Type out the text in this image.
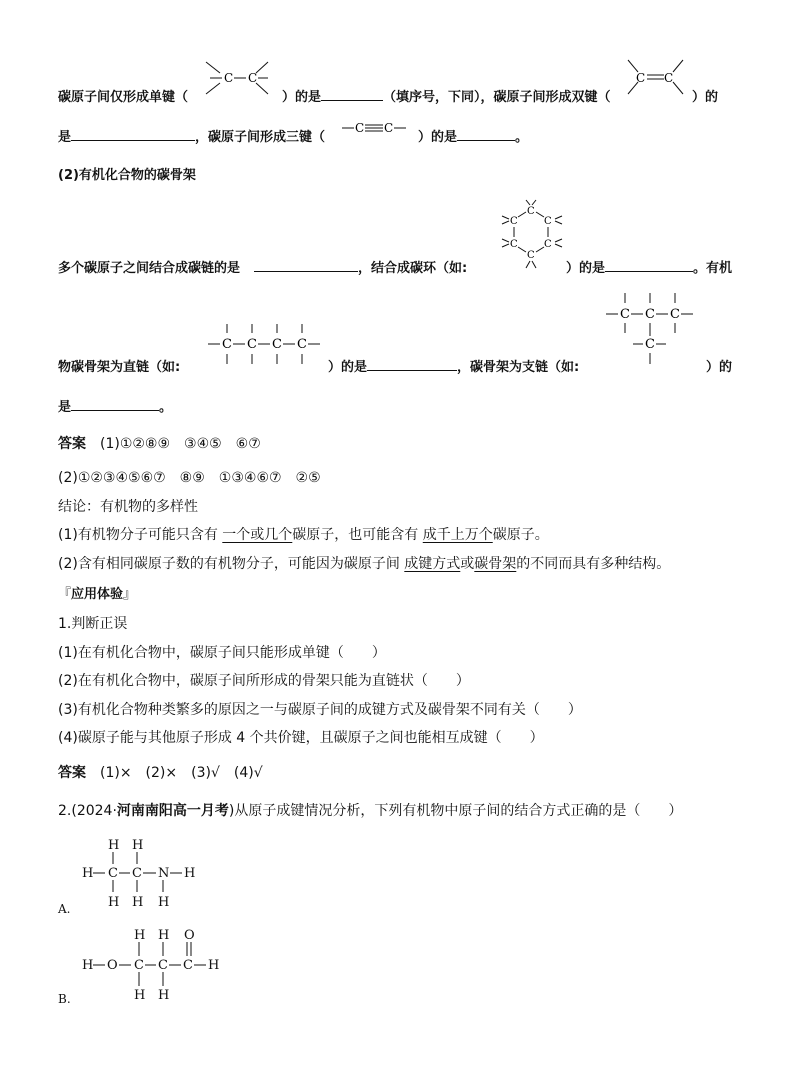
碳原子间仅形成单键（
C C
）的是	（填序号，下同），碳原子间形成双键（
C C
）的
是	，碳原子间形成三键（
C C
）的是	。
(2)有机化合物的碳骨架
多个碳原子之间结合成碳链的是	，结合成碳环（如:
C
C	C
C	C
C
）的是	。有机
物碳骨架为直链（如:
C C C C
）的是	，碳骨架为支链（如:
C C C
C
）的
是	。
答案 (1)①②⑧⑨　③④⑤　⑥⑦
(2)①②③④⑤⑥⑦　⑧⑨　①③④⑥⑦　②⑤
结论：有机物的多样性
(1)有机物分子可能只含有 一个或几个碳原子，也可能含有 成千上万个碳原子。
(2)含有相同碳原子数的有机物分子，可能因为碳原子间 成键方式或碳骨架的不同而具有多种结构。
『应用体验』
1.判断正误
(1)在有机化合物中，碳原子间只能形成单键（　　）
(2)在有机化合物中，碳原子间所形成的骨架只能为直链状（　　）
(3)有机化合物种类繁多的原因之一与碳原子间的成键方式及碳骨架不同有关（　　）
(4)碳原子能与其他原子形成 4 个共价键，且碳原子之间也能相互成键（　　）
答案 (1)×　(2)×　(3)√　(4)√
2.(2024·河南南阳高一月考)从原子成键情况分析，下列有机物中原子间的结合方式正确的是（　　）
H H
H C C N H
H H H
A.
H H O
H O C C C H
H H
B.
